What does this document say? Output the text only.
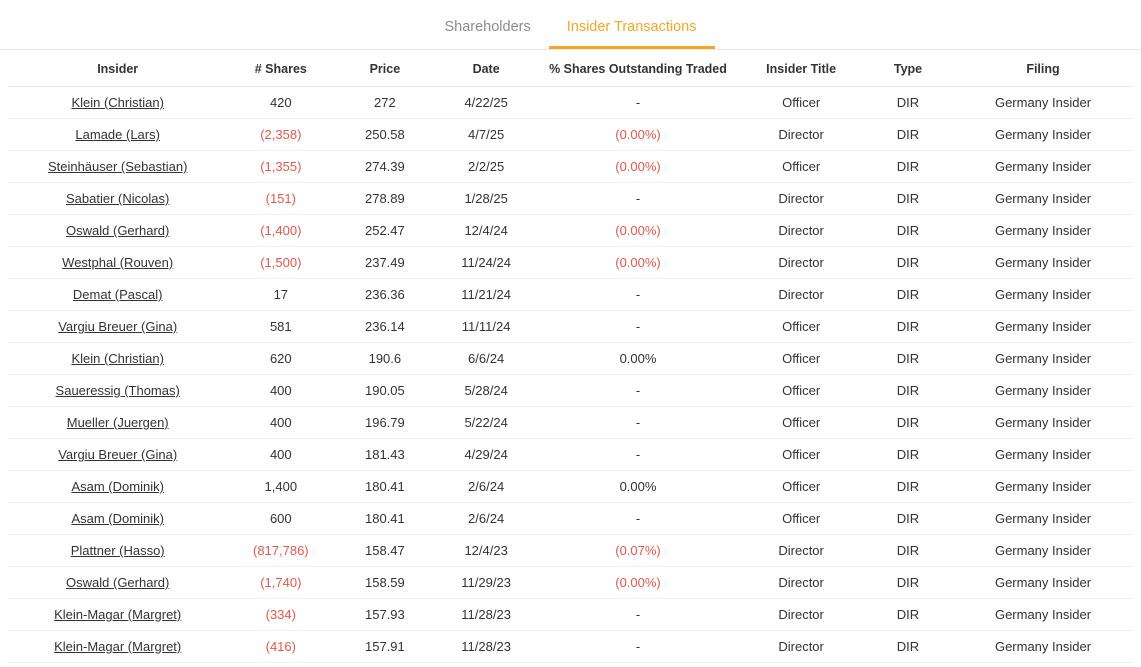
Shareholders	Insider Transactions
Insider	# Shares	Price	Date	% Shares Outstanding Traded	Insider Title	Type	Filing
Klein (Christian)	420	272	4/22/25	-	Officer	DIR	Germany Insider
Lamade (Lars)	(2,358)	250.58	4/7/25	(0.00%)	Director	DIR	Germany Insider
Steinhäuser (Sebastian)	(1,355)	274.39	2/2/25	(0.00%)	Officer	DIR	Germany Insider
Sabatier (Nicolas)	(151)	278.89	1/28/25	-	Director	DIR	Germany Insider
Oswald (Gerhard)	(1,400)	252.47	12/4/24	(0.00%)	Director	DIR	Germany Insider
Westphal (Rouven)	(1,500)	237.49	11/24/24	(0.00%)	Director	DIR	Germany Insider
Demat (Pascal)	17	236.36	11/21/24	-	Director	DIR	Germany Insider
Vargiu Breuer (Gina)	581	236.14	11/11/24	-	Officer	DIR	Germany Insider
Klein (Christian)	620	190.6	6/6/24	0.00%	Officer	DIR	Germany Insider
Saueressig (Thomas)	400	190.05	5/28/24	-	Officer	DIR	Germany Insider
Mueller (Juergen)	400	196.79	5/22/24	-	Officer	DIR	Germany Insider
Vargiu Breuer (Gina)	400	181.43	4/29/24	-	Officer	DIR	Germany Insider
Asam (Dominik)	1,400	180.41	2/6/24	0.00%	Officer	DIR	Germany Insider
Asam (Dominik)	600	180.41	2/6/24	-	Officer	DIR	Germany Insider
Plattner (Hasso)	(817,786)	158.47	12/4/23	(0.07%)	Director	DIR	Germany Insider
Oswald (Gerhard)	(1,740)	158.59	11/29/23	(0.00%)	Director	DIR	Germany Insider
Klein-Magar (Margret)	(334)	157.93	11/28/23	-	Director	DIR	Germany Insider
Klein-Magar (Margret)	(416)	157.91	11/28/23	-	Director	DIR	Germany Insider
